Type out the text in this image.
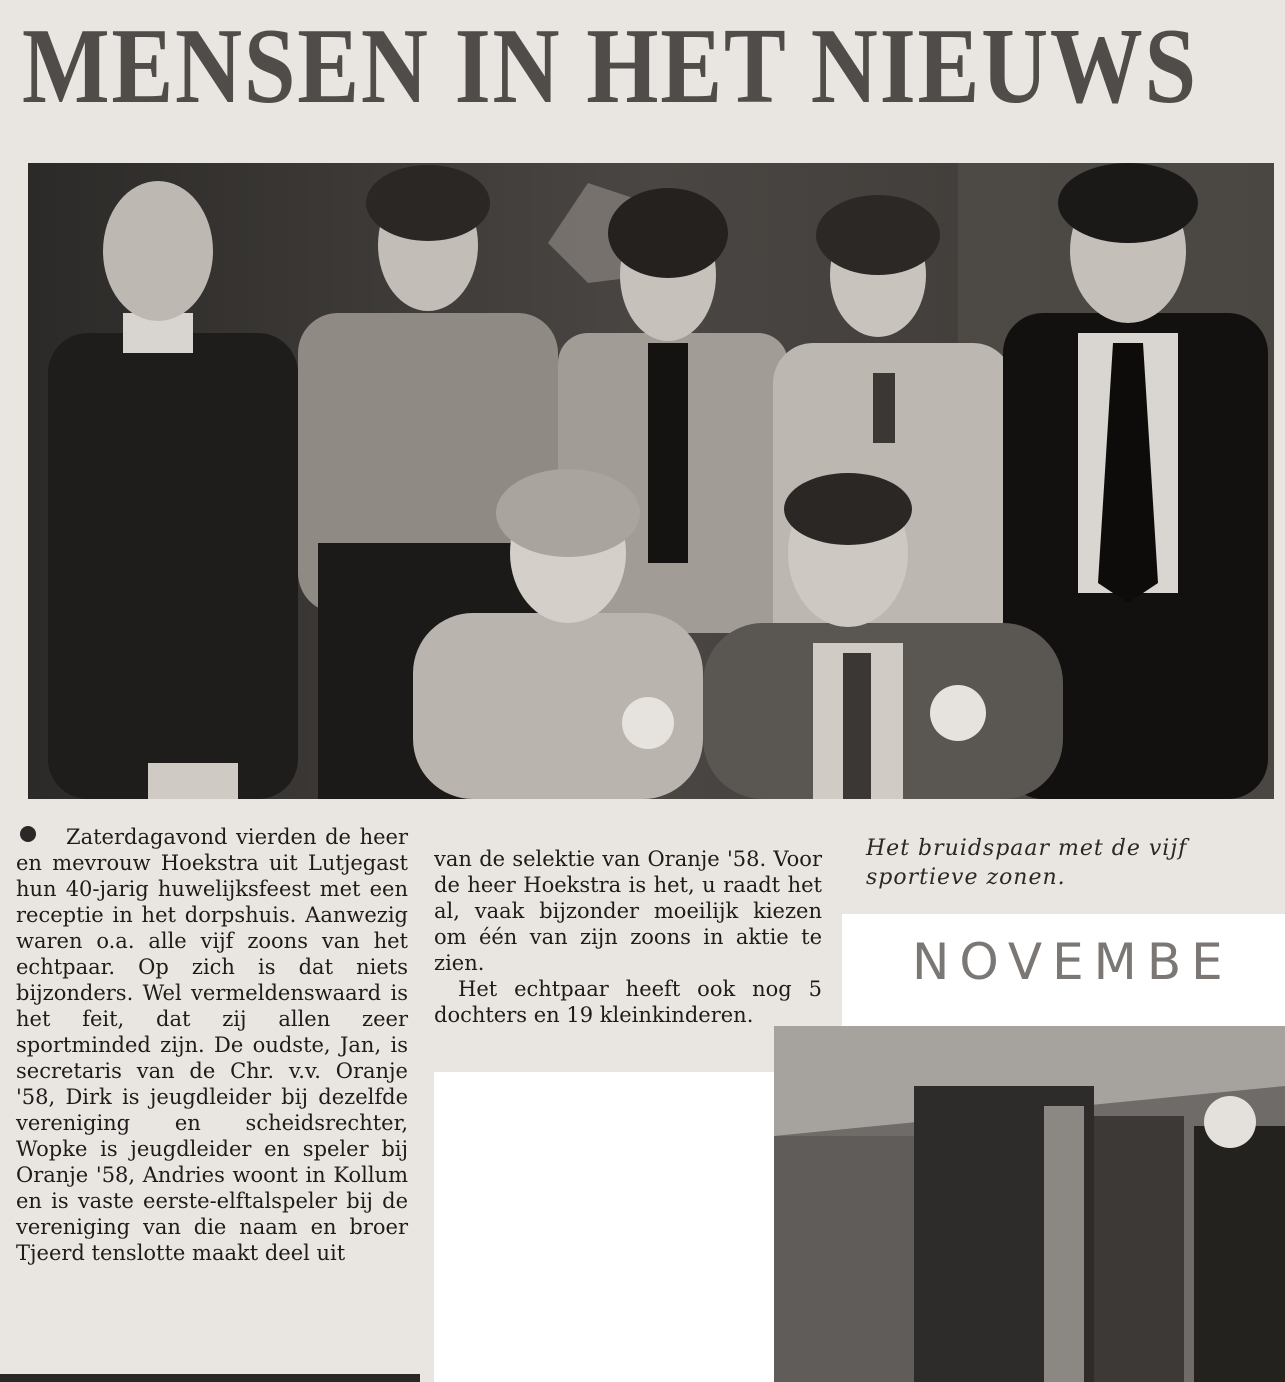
MENSEN IN HET NIEUWS

Zaterdagavond vierden de heer en mevrouw Hoekstra uit Lutjegast hun 40-jarig huwelijksfeest met een receptie in het dorpshuis. Aanwezig waren o.a. alle vijf zoons van het echtpaar. Op zich is dat niets bijzonders. Wel vermeldenswaard is het feit, dat zij allen zeer sportminded zijn. De oudste, Jan, is secretaris van de Chr. v.v. Oranje '58, Dirk is jeugdleider bij dezelfde vereniging en scheidsrechter, Wopke is jeugdleider en speler bij Oranje '58, Andries woont in Kollum en is vaste eerste-elftalspeler bij de vereniging van die naam en broer Tjeerd tenslotte maakt deel uit

van de selektie van Oranje '58. Voor de heer Hoekstra is het, u raadt het al, vaak bijzonder moeilijk kiezen om één van zijn zoons in aktie te zien.

Het echtpaar heeft ook nog 5 dochters en 19 kleinkinderen.

Het bruidspaar met de vijf sportieve zonen.
NOVEMBE
